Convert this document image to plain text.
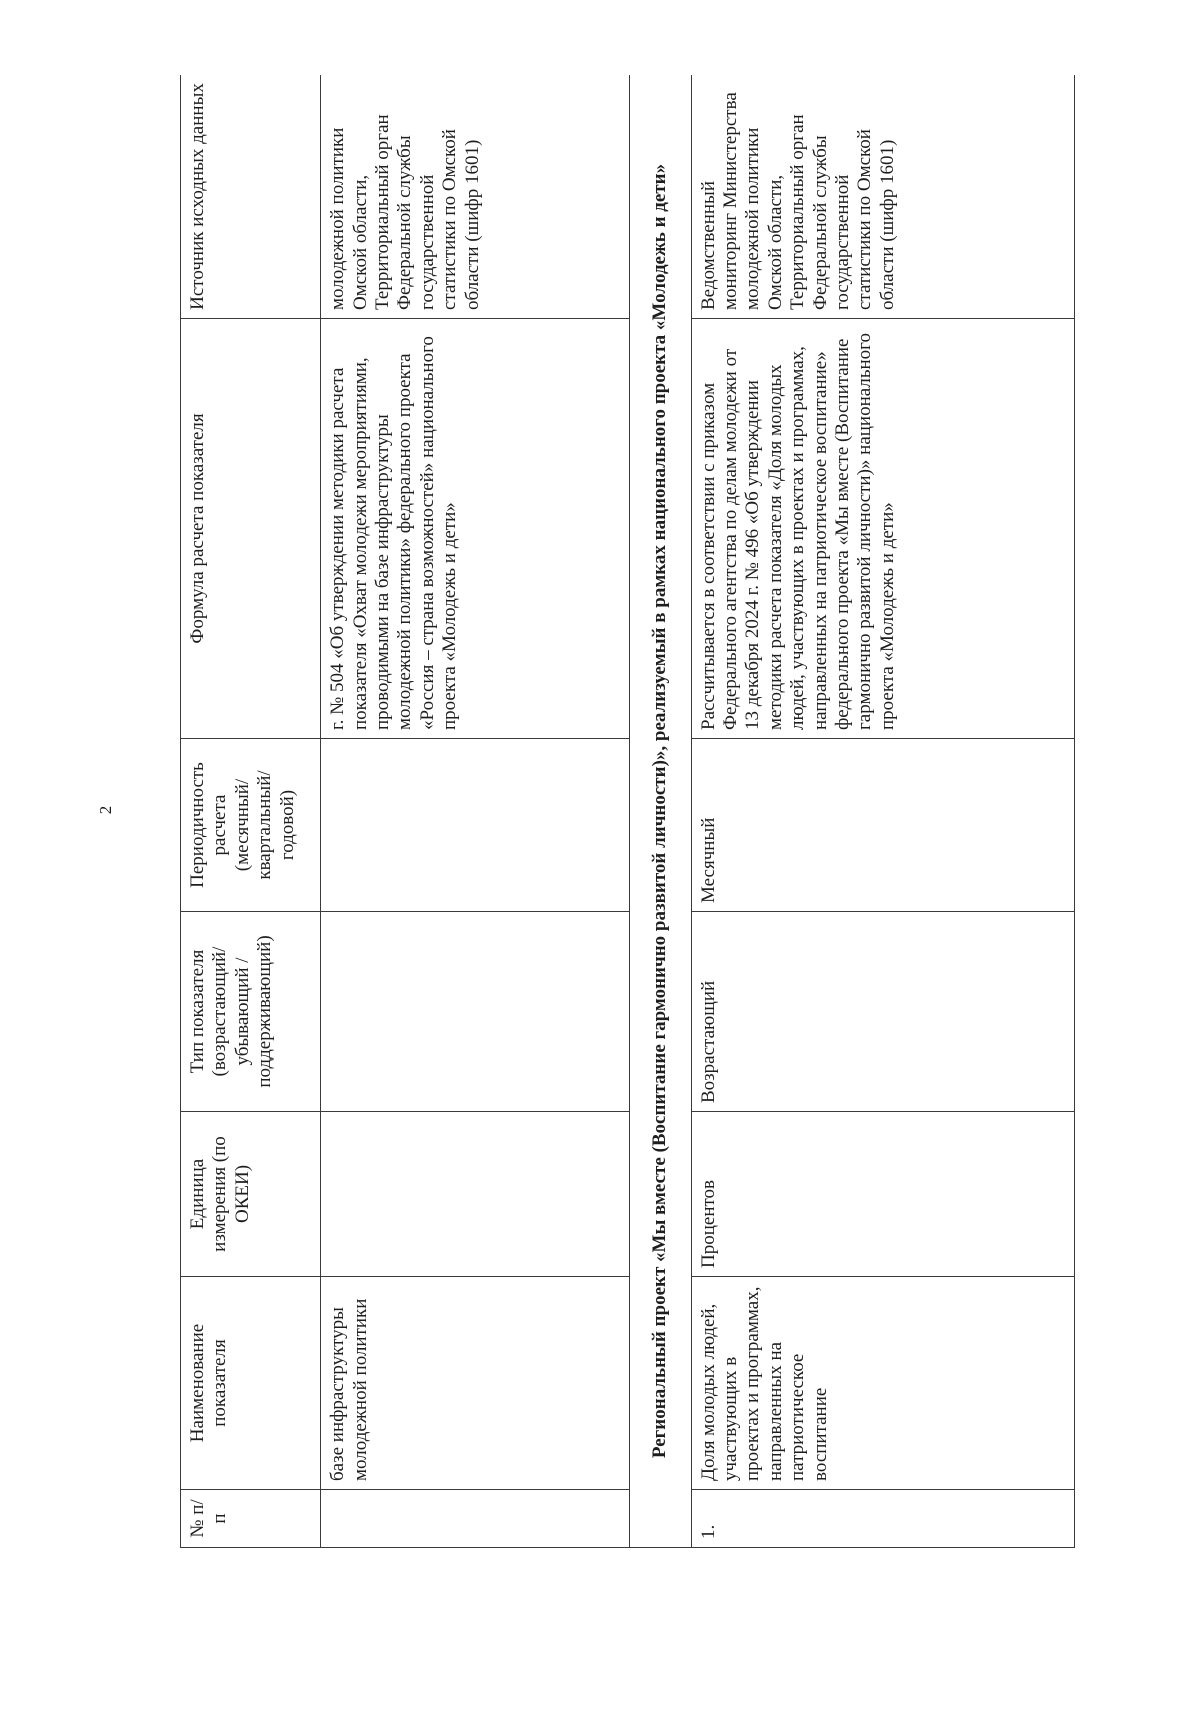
2
№ п/п	Наименование показателя	Единица измерения (по ОКЕИ)	Тип показателя (возрастающий/ убывающий / поддерживающий)	Периодичность расчета (месячный/ квартальный/ годовой)	Формула расчета показателя	Источник исходных данных
	базе инфраструктуры молодежной политики				г. № 504 «Об утверждении методики расчета показателя «Охват молодежи мероприятиями, проводимыми на базе инфраструктуры молодежной политики» федерального проекта «Россия – страна возможностей» национального проекта «Молодежь и дети»	молодежной политики Омской области, Территориальный орган Федеральной службы государственной статистики по Омской области (шифр 1601)
Региональный проект «Мы вместе (Воспитание гармонично развитой личности)», реализуемый в рамках национального проекта «Молодежь и дети»						
1.	Доля молодых людей, участвующих в проектах и программах, направленных на патриотическое воспитание	Процентов	Возрастающий	Месячный	Рассчитывается в соответствии с приказом Федерального агентства по делам молодежи от 13 декабря 2024 г. № 496 «Об утверждении методики расчета показателя «Доля молодых людей, участвующих в проектах и программах, направленных на патриотическое воспитание» федерального проекта «Мы вместе (Воспитание гармонично развитой личности)» национального проекта «Молодежь и дети»	Ведомственный мониторинг Министерства молодежной политики Омской области, Территориальный орган Федеральной службы государственной статистики по Омской области (шифр 1601)
